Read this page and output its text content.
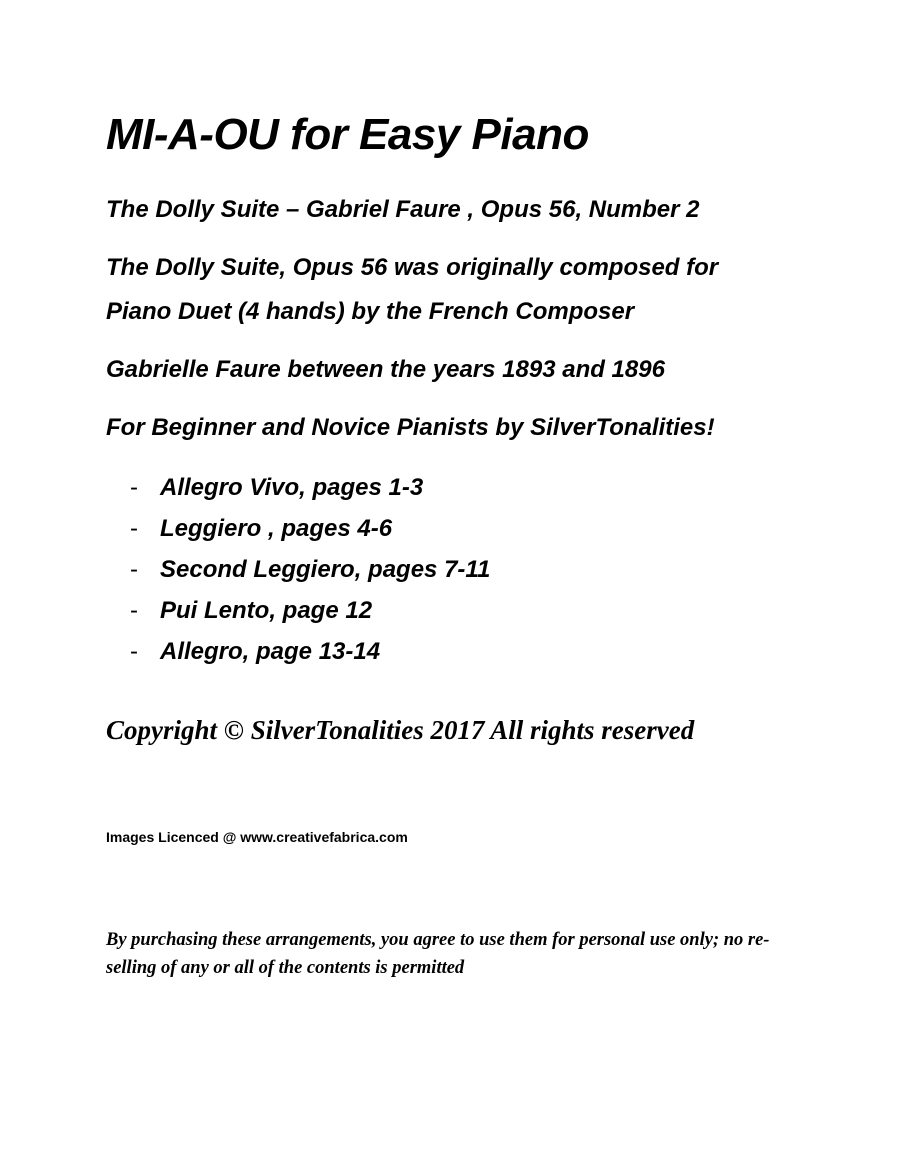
MI-A-OU for Easy Piano

The Dolly Suite – Gabriel Faure , Opus 56, Number 2

The Dolly Suite, Opus 56 was originally composed for

Piano Duet (4 hands) by the French Composer

Gabrielle Faure between the years 1893 and 1896

For Beginner and Novice Pianists by SilverTonalities!

- Allegro Vivo, pages 1-3
- Leggiero , pages 4-6
- Second Leggiero, pages 7-11
- Pui Lento, page 12
- Allegro, page 13-14

Copyright © SilverTonalities 2017 All rights reserved

Images Licenced @ www.creativefabrica.com

By purchasing these arrangements, you agree to use them for personal use only; no re-selling of any or all of the contents is permitted
